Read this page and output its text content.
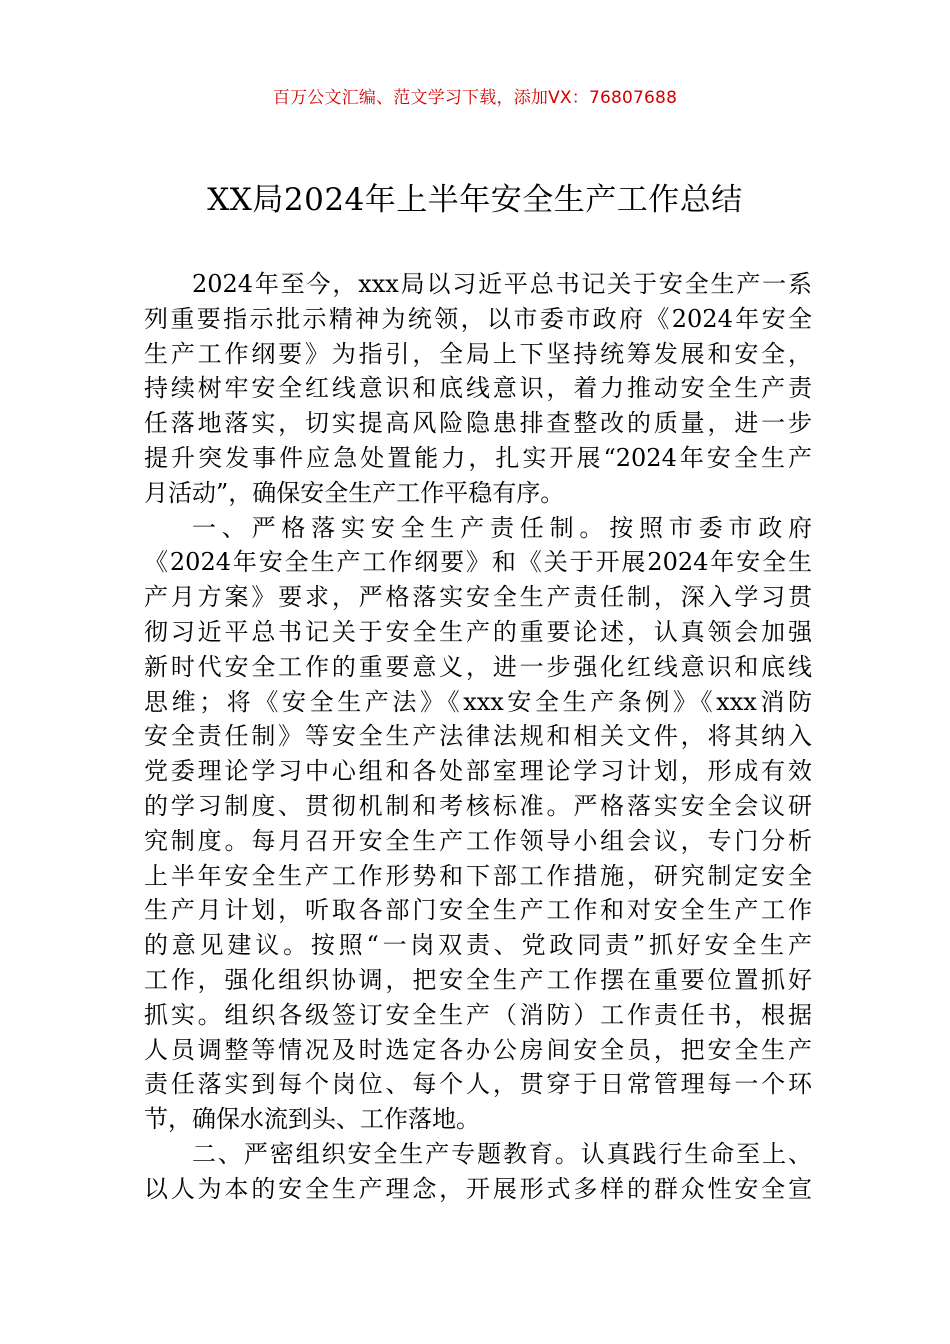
百万公文汇编、范文学习下载，添加VX：76807688
XX局2024年上半年安全生产工作总结
2024年至今，xxx局以习近平总书记关于安全生产一系
列重要指示批示精神为统领，以市委市政府《2024年安全
生产工作纲要》为指引，全局上下坚持统筹发展和安全，
持续树牢安全红线意识和底线意识，着力推动安全生产责
任落地落实，切实提高风险隐患排查整改的质量，进一步
提升突发事件应急处置能力，扎实开展“2024年安全生产
月活动”，确保安全生产工作平稳有序。
一、严格落实安全生产责任制。按照市委市政府
《2024年安全生产工作纲要》和《关于开展2024年安全生
产月方案》要求，严格落实安全生产责任制，深入学习贯
彻习近平总书记关于安全生产的重要论述，认真领会加强
新时代安全工作的重要意义，进一步强化红线意识和底线
思维；将《安全生产法》《xxx安全生产条例》《xxx消防
安全责任制》等安全生产法律法规和相关文件，将其纳入
党委理论学习中心组和各处部室理论学习计划，形成有效
的学习制度、贯彻机制和考核标准。严格落实安全会议研
究制度。每月召开安全生产工作领导小组会议，专门分析
上半年安全生产工作形势和下部工作措施，研究制定安全
生产月计划，听取各部门安全生产工作和对安全生产工作
的意见建议。按照“一岗双责、党政同责”抓好安全生产
工作，强化组织协调，把安全生产工作摆在重要位置抓好
抓实。组织各级签订安全生产（消防）工作责任书，根据
人员调整等情况及时选定各办公房间安全员，把安全生产
责任落实到每个岗位、每个人，贯穿于日常管理每一个环
节，确保水流到头、工作落地。
二、严密组织安全生产专题教育。认真践行生命至上、
以人为本的安全生产理念，开展形式多样的群众性安全宣
